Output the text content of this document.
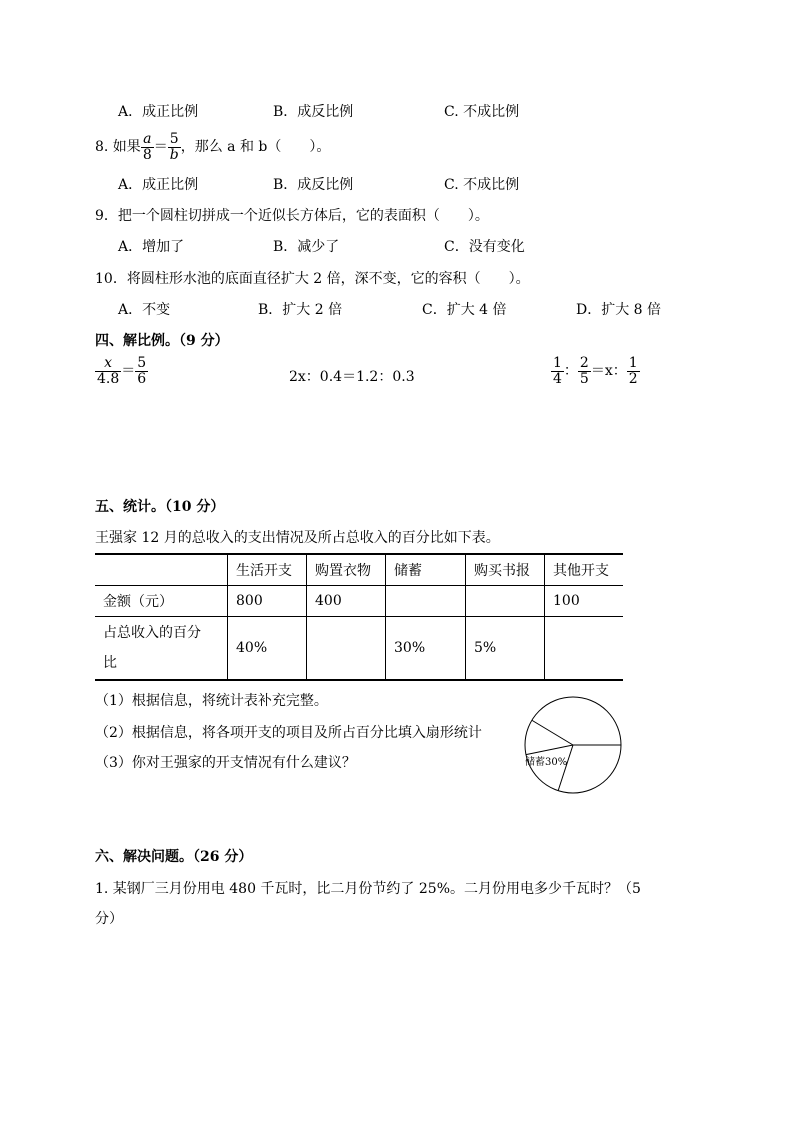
A．成正比例	B．成反比例	C. 不成比例
8. 如果 $\frac{a}{8} = \frac{5}{b}$ ，那么 a 和 b（　　）。
A．成正比例	B．成反比例	C. 不成比例
9．把一个圆柱切拼成一个近似长方体后，它的表面积（　　）。
A．增加了	B．减少了	C．没有变化
10．将圆柱形水池的底面直径扩大 2 倍，深不变，它的容积（　　）。
A．不变	B．扩大 2 倍	C．扩大 4 倍	D．扩大 8 倍
四、解比例。（9 分）
$\frac{x}{4.8} = \frac{5}{6}$	2x：0.4＝1.2：0.3	$\frac{1}{4}$ ： $\frac{2}{5} =x$： $\frac{1}{2}$
五、统计。（10 分）
王强家 12 月的总收入的支出情况及所占总收入的百分比如下表。
	生活开支	购置衣物	储蓄	购买书报	其他开支
金额（元）	800	400			100
占总收入的百分
比	40%		30%	5%	
（1）根据信息，将统计表补充完整。
（2）根据信息，将各项开支的项目及所占百分比填入扇形统计
（3）你对王强家的开支情况有什么建议？	储蓄30%
六、解决问题。（26 分）
1. 某钢厂三月份用电 480 千瓦时，比二月份节约了 25%。二月份用电多少千瓦时？（5
分）
